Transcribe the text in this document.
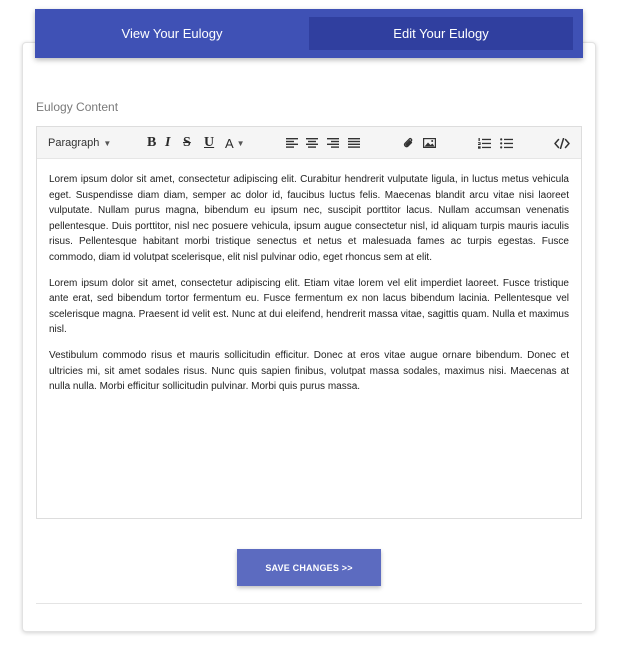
View Your Eulogy	Edit Your Eulogy
Eulogy Content
Paragraph ▼	B I S U A ▼

Lorem ipsum dolor sit amet, consectetur adipiscing elit. Curabitur hendrerit vulputate ligula, in luctus metus vehicula eget. Suspendisse diam diam, semper ac dolor id, faucibus luctus felis. Maecenas blandit arcu vitae nisi laoreet vulputate. Nullam purus magna, bibendum eu ipsum nec, suscipit porttitor lacus. Nullam accumsan venenatis pellentesque. Duis porttitor, nisl nec posuere vehicula, ipsum augue consectetur nisl, id aliquam turpis mauris iaculis risus. Pellentesque habitant morbi tristique senectus et netus et malesuada fames ac turpis egestas. Fusce commodo, diam id volutpat scelerisque, elit nisl pulvinar odio, eget rhoncus sem at elit.

Lorem ipsum dolor sit amet, consectetur adipiscing elit. Etiam vitae lorem vel elit imperdiet laoreet. Fusce tristique ante erat, sed bibendum tortor fermentum eu. Fusce fermentum ex non lacus bibendum lacinia. Pellentesque vel scelerisque magna. Praesent id velit est. Nunc at dui eleifend, hendrerit massa vitae, sagittis quam. Nulla et maximus nisl.

Vestibulum commodo risus et mauris sollicitudin efficitur. Donec at eros vitae augue ornare bibendum. Donec et ultricies mi, sit amet sodales risus. Nunc quis sapien finibus, volutpat massa sodales, maximus nisi. Maecenas at nulla nulla. Morbi efficitur sollicitudin pulvinar. Morbi quis purus massa.

SAVE CHANGES >>
